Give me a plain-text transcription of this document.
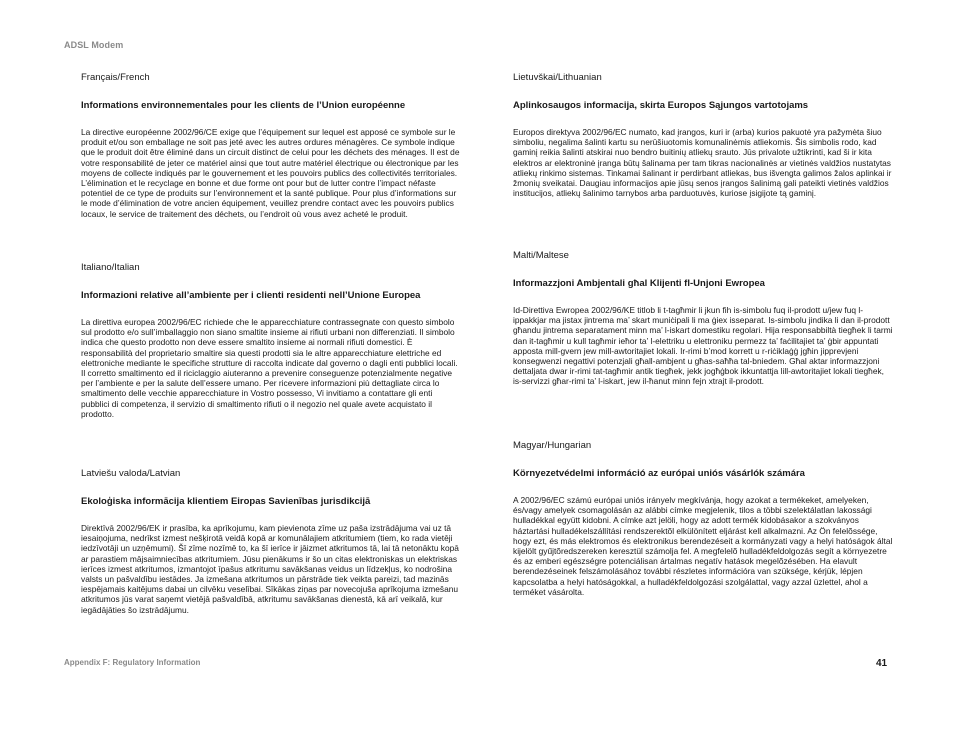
ADSL Modem

Français/French

Informations environnementales pour les clients de l’Union européenne

La directive européenne 2002/96/CE exige que l’équipement sur lequel est apposé ce symbole sur le produit et/ou son emballage ne soit pas jeté avec les autres ordures ménagères. Ce symbole indique que le produit doit être éliminé dans un circuit distinct de celui pour les déchets des ménages. Il est de votre responsabilité de jeter ce matériel ainsi que tout autre matériel électrique ou électronique par les moyens de collecte indiqués par le gouvernement et les pouvoirs publics des collectivités territoriales. L’élimination et le recyclage en bonne et due forme ont pour but de lutter contre l’impact néfaste potentiel de ce type de produits sur l’environnement et la santé publique. Pour plus d’informations sur le mode d’élimination de votre ancien équipement, veuillez prendre contact avec les pouvoirs publics locaux, le service de traitement des déchets, ou l’endroit où vous avez acheté le produit.

Italiano/Italian

Informazioni relative all’ambiente per i clienti residenti nell’Unione Europea

La direttiva europea 2002/96/EC richiede che le apparecchiature contrassegnate con questo simbolo sul prodotto e/o sull’imballaggio non siano smaltite insieme ai rifiuti urbani non differenziati. Il simbolo indica che questo prodotto non deve essere smaltito insieme ai normali rifiuti domestici. È responsabilità del proprietario smaltire sia questi prodotti sia le altre apparecchiature elettriche ed elettroniche mediante le specifiche strutture di raccolta indicate dal governo o dagli enti pubblici locali. Il corretto smaltimento ed il riciclaggio aiuteranno a prevenire conseguenze potenzialmente negative per l’ambiente e per la salute dell’essere umano. Per ricevere informazioni più dettagliate circa lo smaltimento delle vecchie apparecchiature in Vostro possesso, Vi invitiamo a contattare gli enti pubblici di competenza, il servizio di smaltimento rifiuti o il negozio nel quale avete acquistato il prodotto.

Latviešu valoda/Latvian

Ekoloģiska informācija klientiem Eiropas Savienības jurisdikcijā

Direktīvā 2002/96/EK ir prasība, ka aprīkojumu, kam pievienota zīme uz paša izstrādājuma vai uz tā iesaiņojuma, nedrīkst izmest nešķirotā veidā kopā ar komunālajiem atkritumiem (tiem, ko rada vietēji iedzīvotāji un uzņēmumi). Šī zīme nozīmē to, ka šī ierīce ir jāizmet atkritumos tā, lai tā netonāktu kopā ar parastiem mājsaimniecības atkritumiem. Jūsu pienākums ir šo un citas elektroniskas un elektriskas ierīces izmest atkritumos, izmantojot īpašus atkritumu savākšanas veidus un līdzekļus, ko nodrošina valsts un pašvaldību iestādes. Ja izmešana atkritumos un pārstrāde tiek veikta pareizi, tad mazinās iespējamais kaitējums dabai un cilvēku veselībai. Sīkākas ziņas par novecojuša aprīkojuma izmešanu atkritumos jūs varat saņemt vietējā pašvaldībā, atkritumu savākšanas dienestā, kā arī veikalā, kur iegādājāties šo izstrādājumu.

Lietuvškai/Lithuanian

Aplinkosaugos informacija, skirta Europos Sąjungos vartotojams

Europos direktyva 2002/96/EC numato, kad įrangos, kuri ir (arba) kurios pakuotė yra pažymėta šiuo simboliu, negalima šalinti kartu su nerūšiuotomis komunalinėmis atliekomis. Šis simbolis rodo, kad gaminį reikia šalinti atskirai nuo bendro buitinių atliekų srauto. Jūs privalote užtikrinti, kad ši ir kita elektros ar elektroninė įranga būtų šalinama per tam tikras nacionalinės ar vietinės valdžios nustatytas atliekų rinkimo sistemas. Tinkamai šalinant ir perdirbant atliekas, bus išvengta galimos žalos aplinkai ir žmonių sveikatai. Daugiau informacijos apie jūsų senos įrangos šalinimą gali pateikti vietinės valdžios institucijos, atliekų šalinimo tarnybos arba parduotuvės, kuriose įsigijote tą gaminį.

Malti/Maltese

Informazzjoni Ambjentali għal Klijenti fl-Unjoni Ewropea

Id-Direttiva Ewropea 2002/96/KE titlob li t-tagħmir li jkun fih is-simbolu fuq il-prodott u/jew fuq l-ippakkjar ma jistax jintrema ma’ skart muniċipali li ma ġiex isseparat. Is-simbolu jindika li dan il-prodott għandu jintrema separatament minn ma’ l-iskart domestiku regolari. Hija responsabbiltà tiegħek li tarmi dan it-tagħmir u kull tagħmir ieħor ta’ l-elettriku u elettroniku permezz ta’ faċilitajiet ta’ ġbir appuntati apposta mill-gvern jew mill-awtoritajiet lokali. Ir-rimi b’mod korrett u r-riċiklaġġ jgħin jipprevjeni konsegwenzi negattivi potenzjali għall-ambjent u għas-saħħa tal-bniedem. Għal aktar informazzjoni dettaljata dwar ir-rimi tat-tagħmir antik tiegħek, jekk jogħġbok ikkuntattja lill-awtoritajiet lokali tiegħek, is-servizzi għar-rimi ta’ l-iskart, jew il-ħanut minn fejn xtrajt il-prodott.

Magyar/Hungarian

Környezetvédelmi információ az európai uniós vásárlók számára

A 2002/96/EC számú európai uniós irányelv megkívánja, hogy azokat a termékeket, amelyeken, és/vagy amelyek csomagolásán az alábbi címke megjelenik, tilos a többi szelektálatlan lakossági hulladékkal együtt kidobni. A címke azt jelöli, hogy az adott termék kidobásakor a szokványos háztartási hulladékelszállítási rendszerektõl elkülönített eljárást kell alkalmazni. Az Ön felelõssége, hogy ezt, és más elektromos és elektronikus berendezéseit a kormányzati vagy a helyi hatóságok által kijelölt gyűjtõredszereken keresztül számolja fel. A megfelelõ hulladékfeldolgozás segít a környezetre és az emberi egészségre potenciálisan ártalmas negatív hatások megelõzésében. Ha elavult berendezéseinek felszámolásához további részletes információra van szüksége, kérjük, lépjen kapcsolatba a helyi hatóságokkal, a hulladékfeldolgozási szolgálattal, vagy azzal üzlettel, ahol a terméket vásárolta.

Appendix F: Regulatory Information	41
